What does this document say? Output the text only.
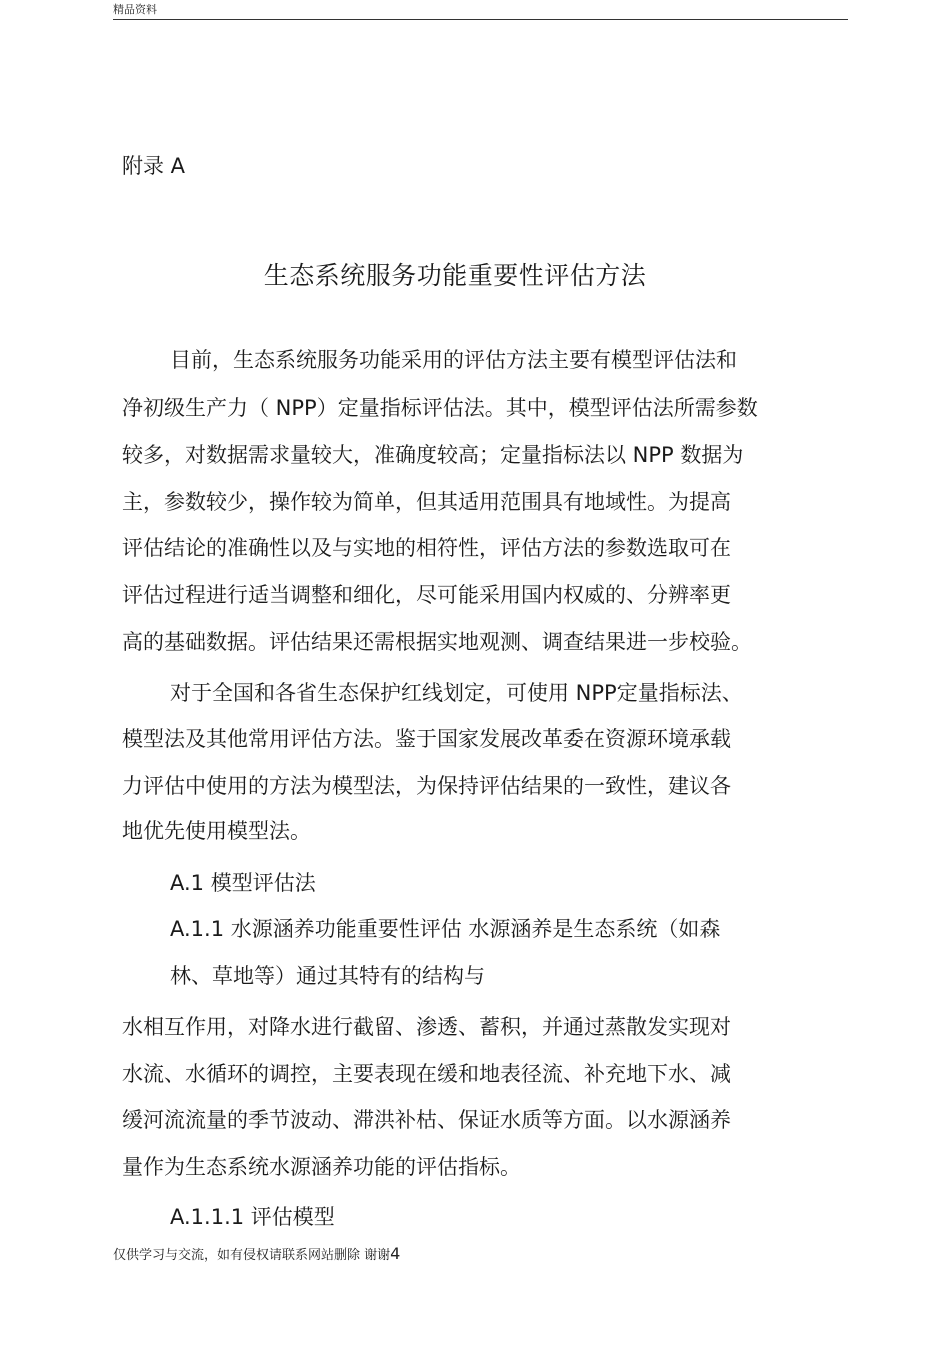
精品资料
附录 A
生态系统服务功能重要性评估方法
目前，生态系统服务功能采用的评估方法主要有模型评估法和
净初级生产力（ NPP）定量指标评估法。其中，模型评估法所需参数
较多，对数据需求量较大，准确度较高；定量指标法以 NPP 数据为
主，参数较少，操作较为简单，但其适用范围具有地域性。为提高
评估结论的准确性以及与实地的相符性，评估方法的参数选取可在
评估过程进行适当调整和细化，尽可能采用国内权威的、分辨率更
高的基础数据。评估结果还需根据实地观测、调查结果进一步校验。
对于全国和各省生态保护红线划定，可使用 NPP定量指标法、
模型法及其他常用评估方法。鉴于国家发展改革委在资源环境承载
力评估中使用的方法为模型法，为保持评估结果的一致性，建议各
地优先使用模型法。
A.1 模型评估法
A.1.1 水源涵养功能重要性评估 水源涵养是生态系统（如森
林、草地等）通过其特有的结构与
水相互作用，对降水进行截留、渗透、蓄积，并通过蒸散发实现对
水流、水循环的调控，主要表现在缓和地表径流、补充地下水、减
缓河流流量的季节波动、滞洪补枯、保证水质等方面。以水源涵养
量作为生态系统水源涵养功能的评估指标。
A.1.1.1 评估模型
仅供学习与交流，如有侵权请联系网站删除 谢谢4
